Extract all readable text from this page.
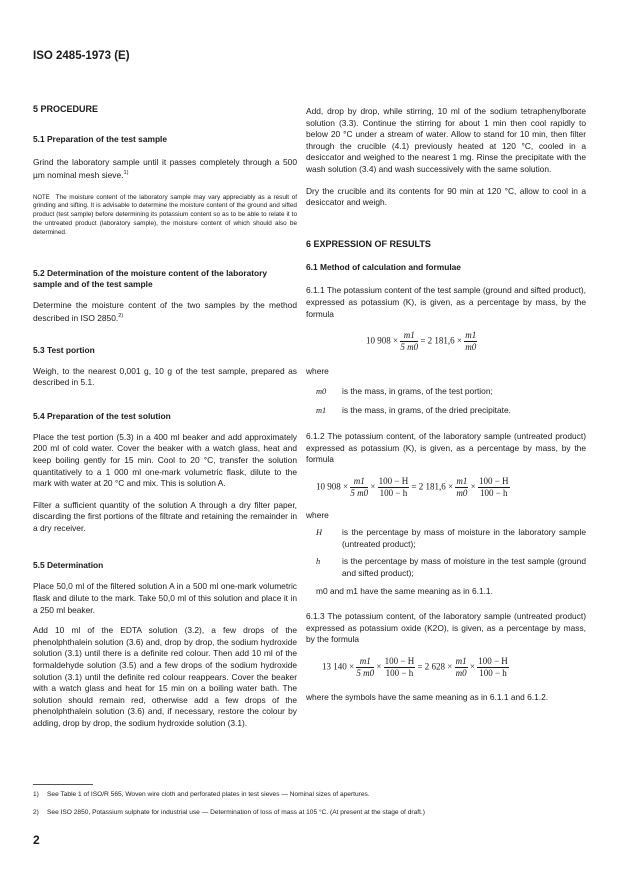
ISO 2485-1973 (E)
5 PROCEDURE
5.1 Preparation of the test sample

Grind the laboratory sample until it passes completely through a 500 µm nominal mesh sieve.$^{1)}$

NOTE The moisture content of the laboratory sample may vary appreciably as a result of grinding and sifting. It is advisable to determine the moisture content of the ground and sifted product (test sample) before determining its potassium content so as to be able to relate it to the untreated product (laboratory sample), the moisture content of which should also be determined.

5.2 Determination of the moisture content of the laboratory sample and of the test sample

Determine the moisture content of the two samples by the method described in ISO 2850.$^{2)}$

5.3 Test portion

Weigh, to the nearest 0,001 g, 10 g of the test sample, prepared as described in 5.1.

5.4 Preparation of the test solution

Place the test portion (5.3) in a 400 ml beaker and add approximately 200 ml of cold water. Cover the beaker with a watch glass, heat and keep boiling gently for 15 min. Cool to 20 °C, transfer the solution quantitatively to a 1 000 ml one-mark volumetric flask, dilute to the mark with water at 20 °C and mix. This is solution A.

Filter a sufficient quantity of the solution A through a dry filter paper, discarding the first portions of the filtrate and retaining the remainder in a dry receiver.

5.5 Determination

Place 50,0 ml of the filtered solution A in a 500 ml one-mark volumetric flask and dilute to the mark. Take 50,0 ml of this solution and place it in a 250 ml beaker.

Add 10 ml of the EDTA solution (3.2), a few drops of the phenolphthalein solution (3.6) and, drop by drop, the sodium hydroxide solution (3.1) until there is a definite red colour. Then add 10 ml of the formaldehyde solution (3.5) and a few drops of the sodium hydroxide solution (3.1) until the definite red colour reappears. Cover the beaker with a watch glass and heat for 15 min on a boiling water bath. The solution should remain red, otherwise add a few drops of the phenolphthalein solution (3.6) and, if necessary, restore the colour by adding, drop by drop, the sodium hydroxide solution (3.1).

Add, drop by drop, while stirring, 10 ml of the sodium tetraphenylborate solution (3.3). Continue the stirring for about 1 min then cool rapidly to below 20 °C under a stream of water. Allow to stand for 10 min, then filter through the crucible (4.1) previously heated at 120 °C, cooled in a desiccator and weighed to the nearest 1 mg. Rinse the precipitate with the wash solution (3.4) and wash successively with the same solution.

Dry the crucible and its contents for 90 min at 120 °C, allow to cool in a desiccator and weigh.

6 EXPRESSION OF RESULTS
6.1 Method of calculation and formulae

6.1.1 The potassium content of the test sample (ground and sifted product), expressed as potassium (K), is given, as a percentage by mass, by the formula

10 $908 \times \frac{m1}{5 m0} = 2$ $181,6 \times \frac{m1}{m0}$

where

m0	is the mass, in grams, of the test portion;
m1	is the mass, in grams, of the dried precipitate.

6.1.2 The potassium content, of the laboratory sample (untreated product) expressed as potassium (K), is given, as a percentage by mass, by the formula

10 $908 \times \frac{m1}{5 m0} \times \frac{100 - H}{100 - h} = 2$ $181,6 \times \frac{m1}{m0} \times \frac{100 - H}{100 - h}$

where

H	is the percentage by mass of moisture in the laboratory sample (untreated product);
h	is the percentage by mass of moisture in the test sample (ground and sifted product);

m0 and m1 have the same meaning as in 6.1.1.

6.1.3 The potassium content, of the laboratory sample (untreated product) expressed as potassium oxide (K2O), is given, as a percentage by mass, by the formula

13 $140 \times \frac{m1}{5 m0} \times \frac{100 - H}{100 - h} = 2$ $628 \times \frac{m1}{m0} \times \frac{100 - H}{100 - h}$

where the symbols have the same meaning as in 6.1.1 and 6.1.2.

1) See Table 1 of ISO/R 565, Woven wire cloth and perforated plates in test sieves — Nominal sizes of apertures.
2) See ISO 2850, Potassium sulphate for industrial use — Determination of loss of mass at 105 °C. (At present at the stage of draft.)
2
